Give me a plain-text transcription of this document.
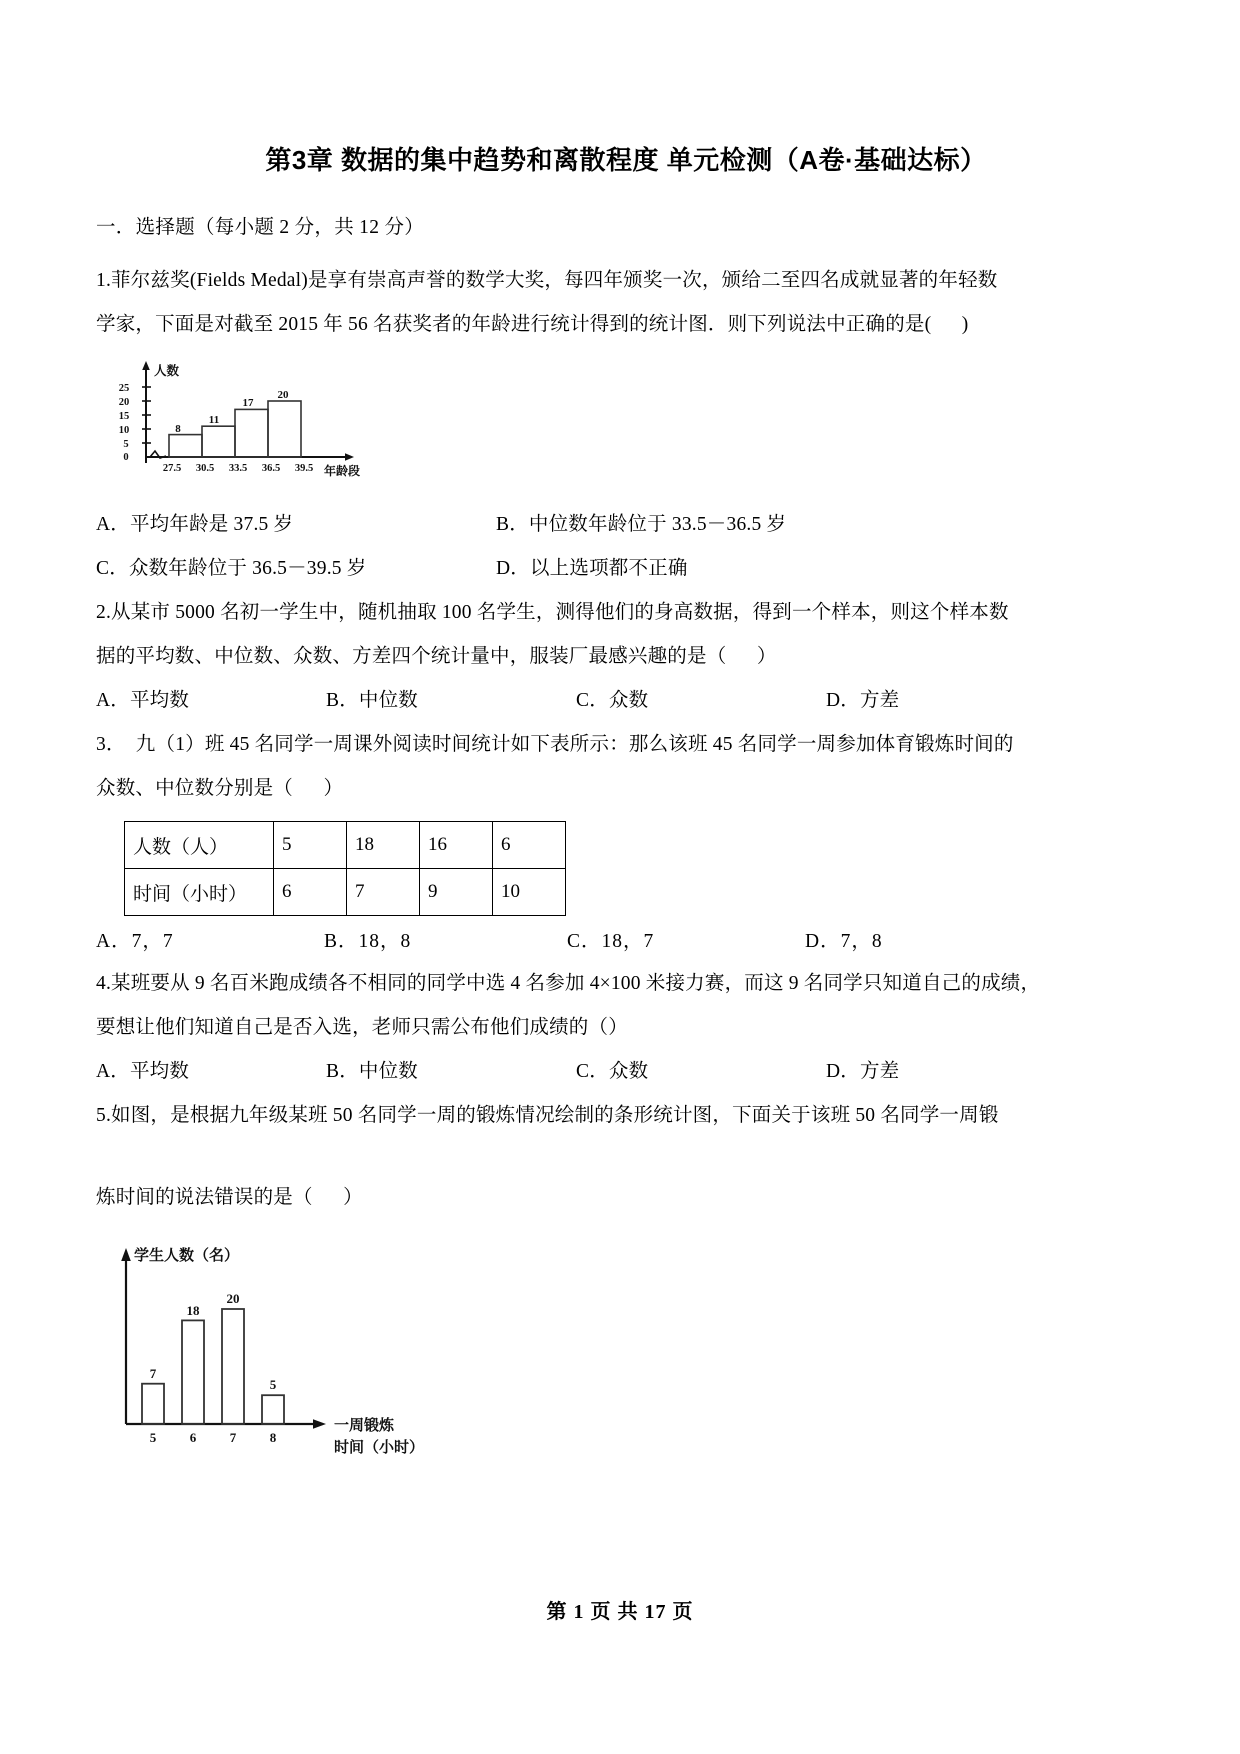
第3章 数据的集中趋势和离散程度 单元检测（A卷·基础达标）
一．选择题（每小题 2 分，共 12 分）
1.菲尔兹奖(Fields Medal)是享有崇高声誉的数学大奖，每四年颁奖一次，颁给二至四名成就显著的年轻数
学家，下面是对截至 2015 年 56 名获奖者的年龄进行统计得到的统计图．则下列说法中正确的是(      )
人数
25
20
15
10
5
0
8
11
17
20
27.5 30.5 33.5 36.5 39.5 年龄段
A．平均年龄是 37.5 岁	B．中位数年龄位于 33.5－36.5 岁
C．众数年龄位于 36.5－39.5 岁	D．以上选项都不正确
2.从某市 5000 名初一学生中，随机抽取 100 名学生，测得他们的身高数据，得到一个样本，则这个样本数
据的平均数、中位数、众数、方差四个统计量中，服装厂最感兴趣的是（      ）
A．平均数	B．中位数	C．众数	D．方差
3．  九（1）班 45 名同学一周课外阅读时间统计如下表所示：那么该班 45 名同学一周参加体育锻炼时间的
众数、中位数分别是（      ）
人数（人）	5	18	16	6
时间（小时）	6	7	9	10
A．7，7	B．18，8	C．18，7	D．7，8
4.某班要从 9 名百米跑成绩各不相同的同学中选 4 名参加 4×100 米接力赛，而这 9 名同学只知道自己的成绩，
要想让他们知道自己是否入选，老师只需公布他们成绩的（）
A．平均数	B．中位数	C．众数	D．方差
5.如图，是根据九年级某班 50 名同学一周的锻炼情况绘制的条形统计图，下面关于该班 50 名同学一周锻
炼时间的说法错误的是（      ）
学生人数（名）
7
18
20
5
5	6	7	8
一周锻炼
时间（小时）
第 1 页 共 17 页
